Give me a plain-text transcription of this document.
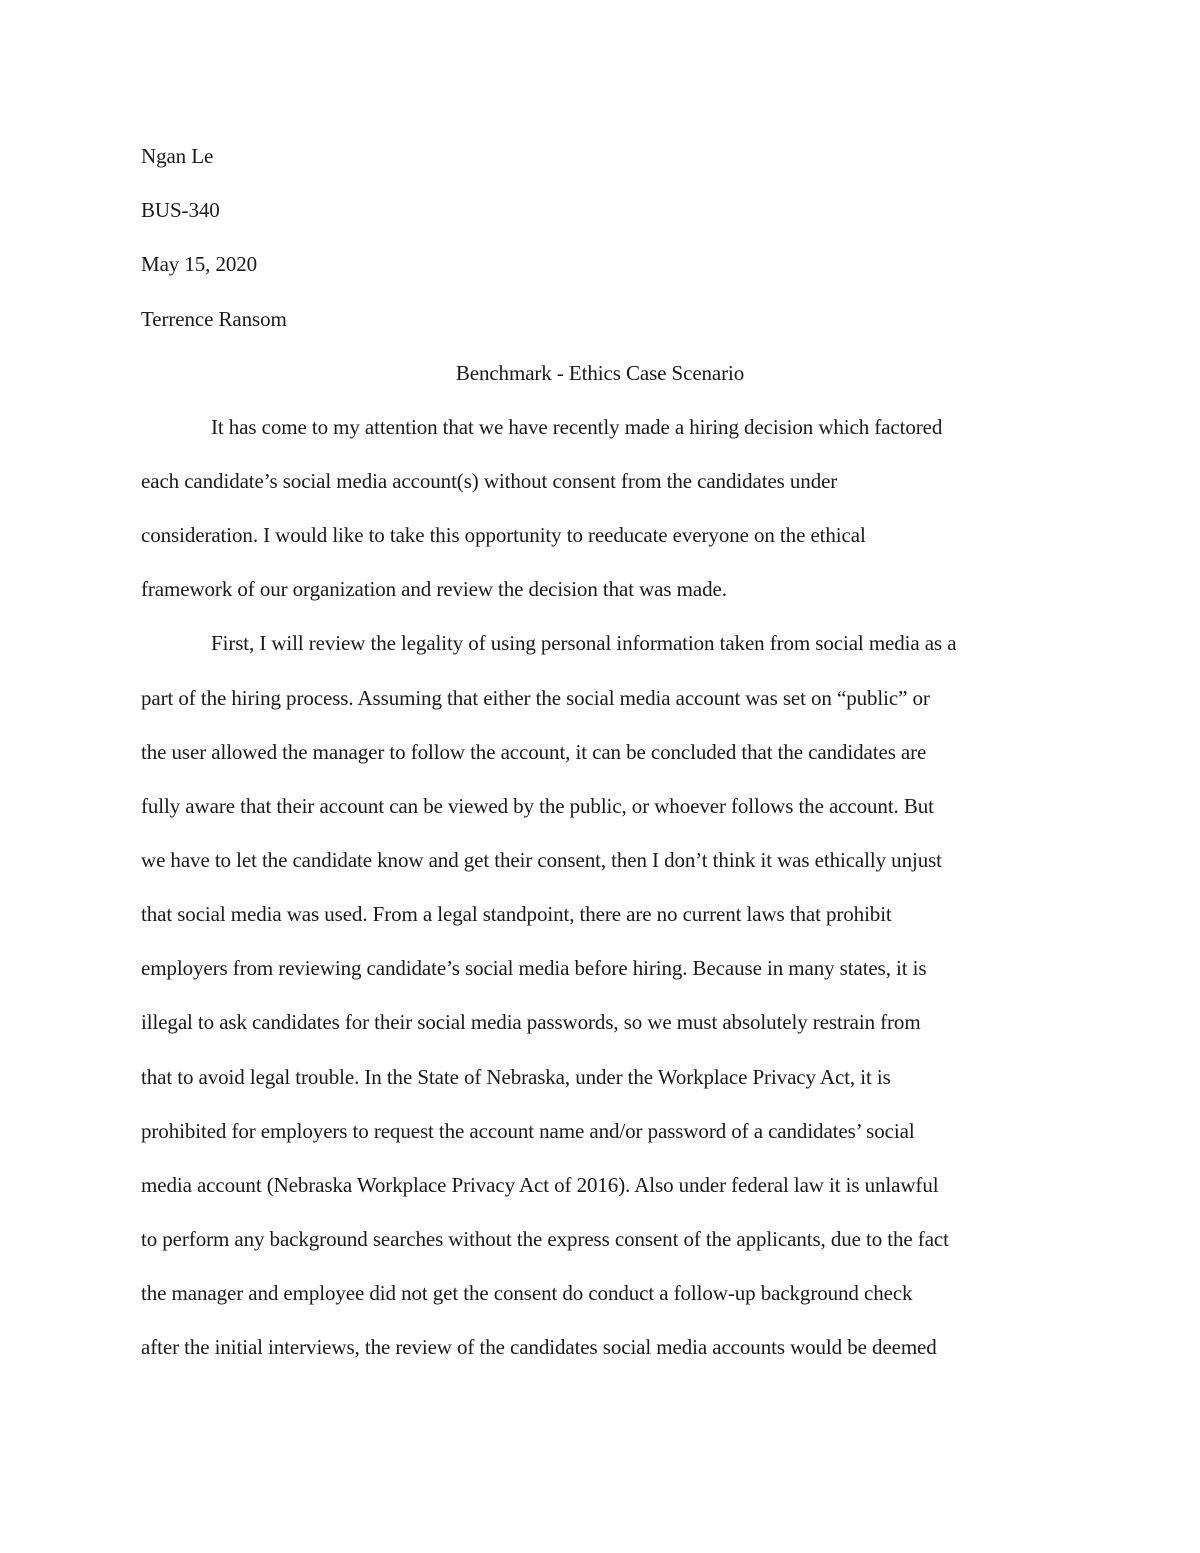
Ngan Le
BUS-340
May 15, 2020
Terrence Ransom
Benchmark - Ethics Case Scenario
It has come to my attention that we have recently made a hiring decision which factored
each candidate’s social media account(s) without consent from the candidates under
consideration. I would like to take this opportunity to reeducate everyone on the ethical
framework of our organization and review the decision that was made.
First, I will review the legality of using personal information taken from social media as a
part of the hiring process. Assuming that either the social media account was set on “public” or
the user allowed the manager to follow the account, it can be concluded that the candidates are
fully aware that their account can be viewed by the public, or whoever follows the account. But
we have to let the candidate know and get their consent, then I don’t think it was ethically unjust
that social media was used. From a legal standpoint, there are no current laws that prohibit
employers from reviewing candidate’s social media before hiring. Because in many states, it is
illegal to ask candidates for their social media passwords, so we must absolutely restrain from
that to avoid legal trouble. In the State of Nebraska, under the Workplace Privacy Act, it is
prohibited for employers to request the account name and/or password of a candidates’ social
media account (Nebraska Workplace Privacy Act of 2016). Also under federal law it is unlawful
to perform any background searches without the express consent of the applicants, due to the fact
the manager and employee did not get the consent do conduct a follow-up background check
after the initial interviews, the review of the candidates social media accounts would be deemed
